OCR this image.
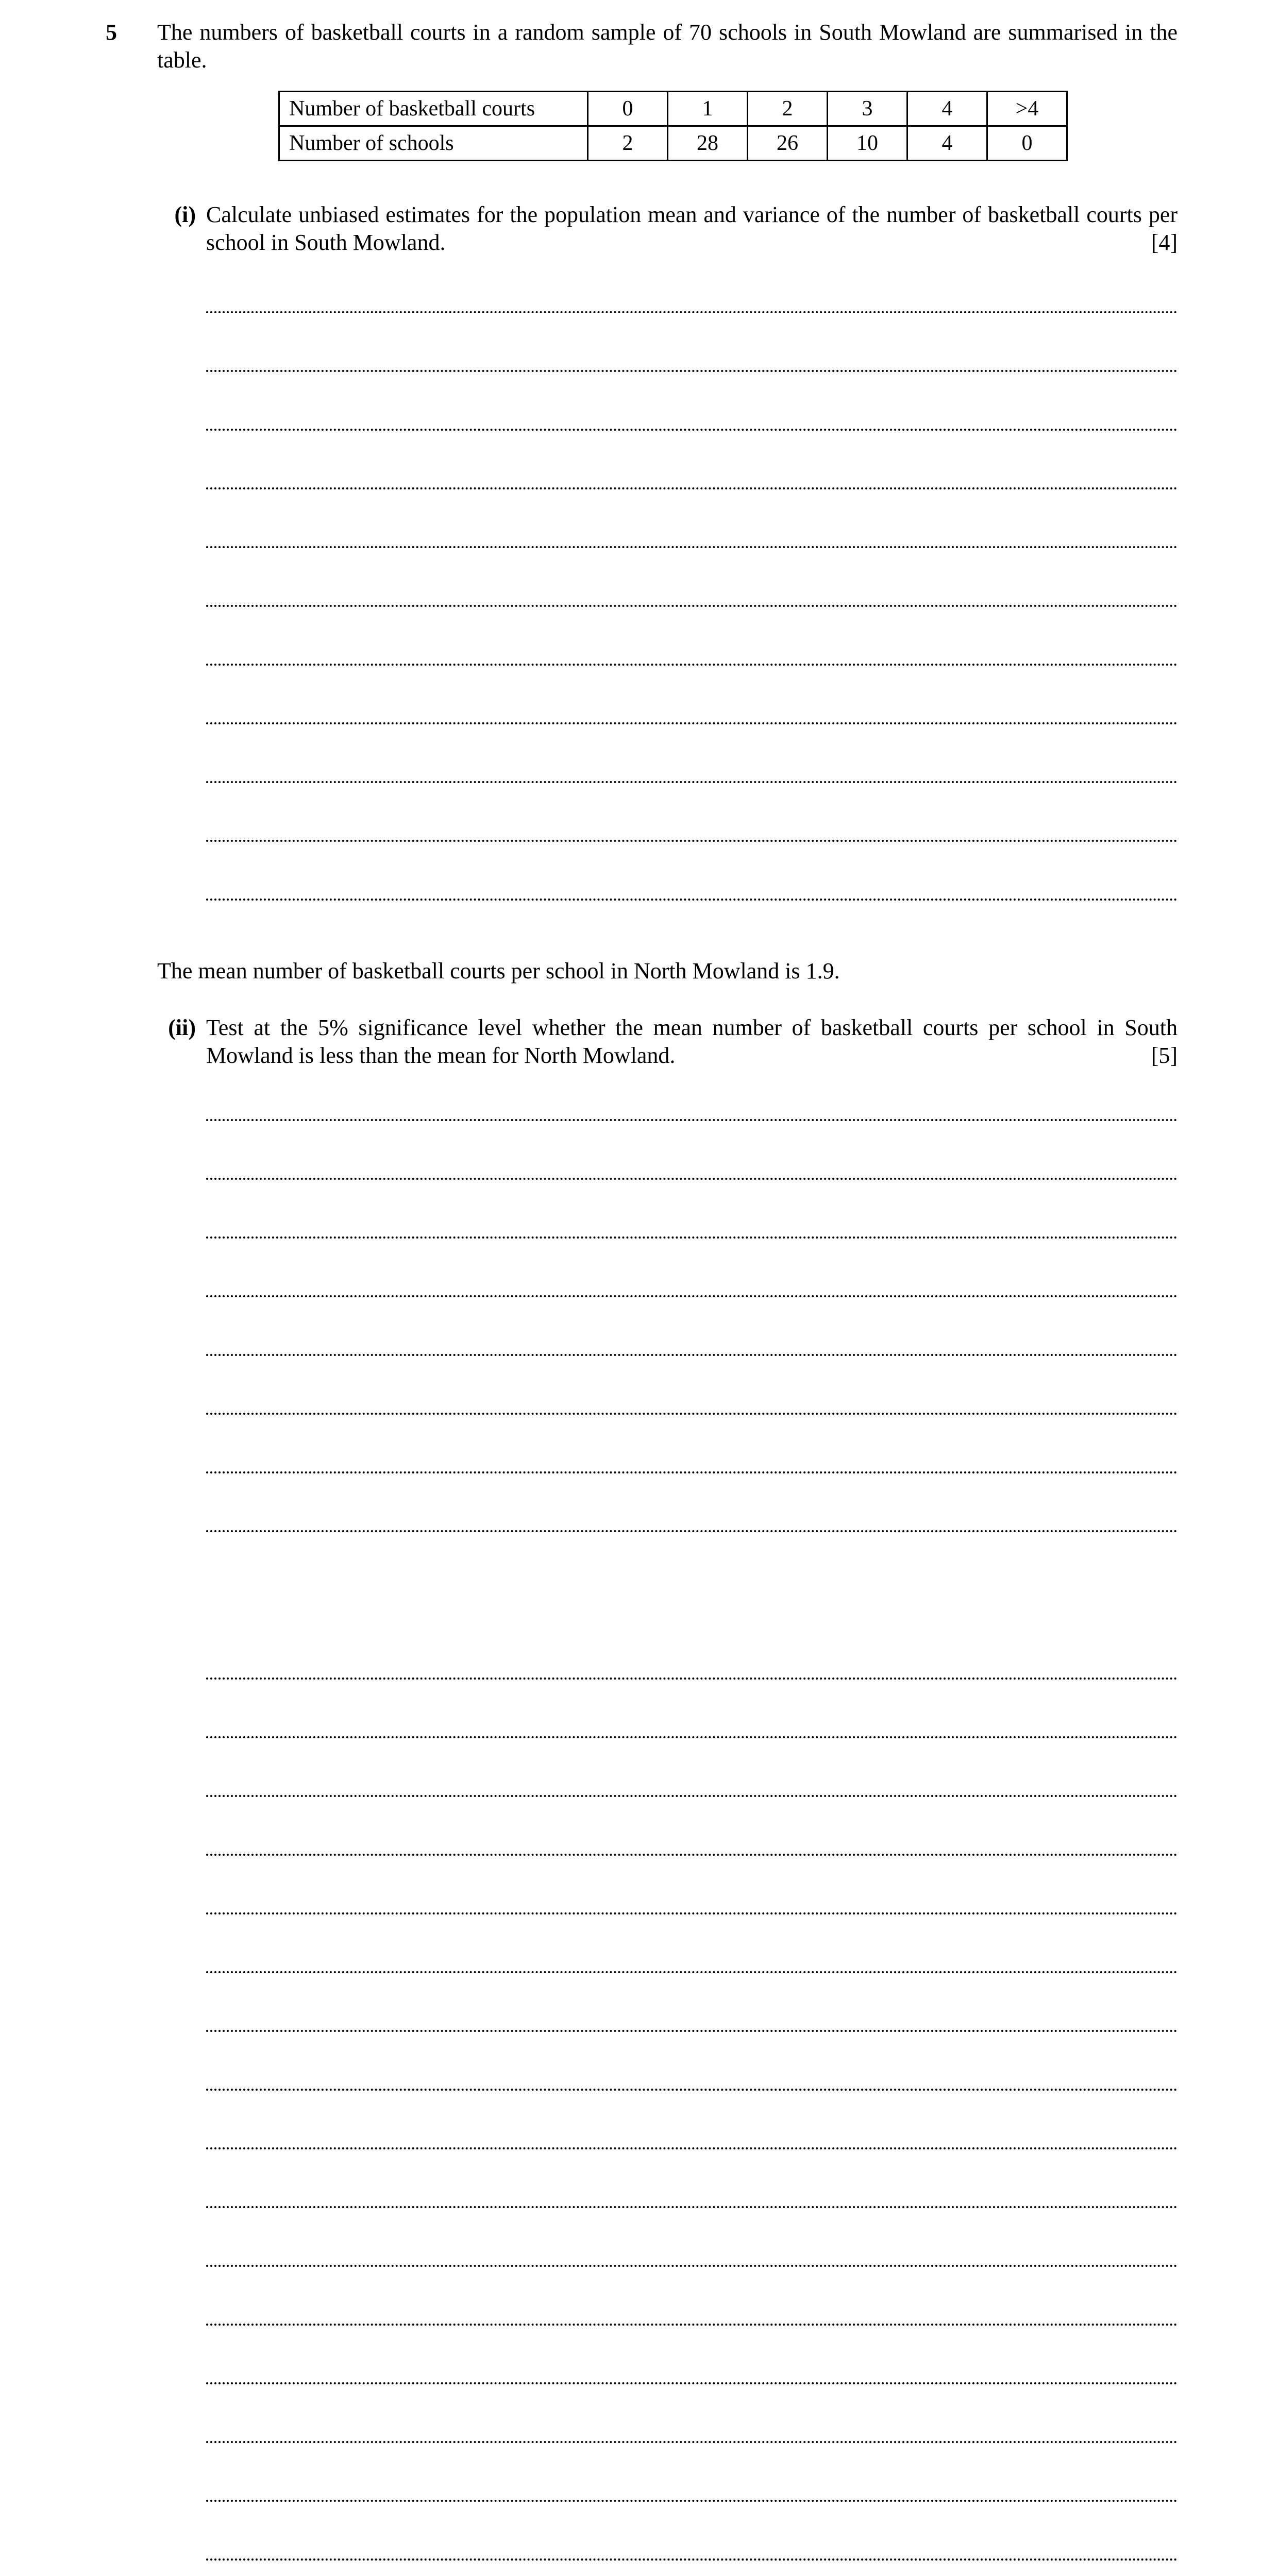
5 The numbers of basketball courts in a random sample of 70 schools in South Mowland are summarised in the table.
Number of basketball courts	0	1	2	3	4	>4
Number of schools	2	28	26	10	4	0
(i) Calculate unbiased estimates for the population mean and variance of the number of basketball courts per school in South Mowland.	[4]
The mean number of basketball courts per school in North Mowland is 1.9.
(ii) Test at the 5% significance level whether the mean number of basketball courts per school in South Mowland is less than the mean for North Mowland.	[5]
